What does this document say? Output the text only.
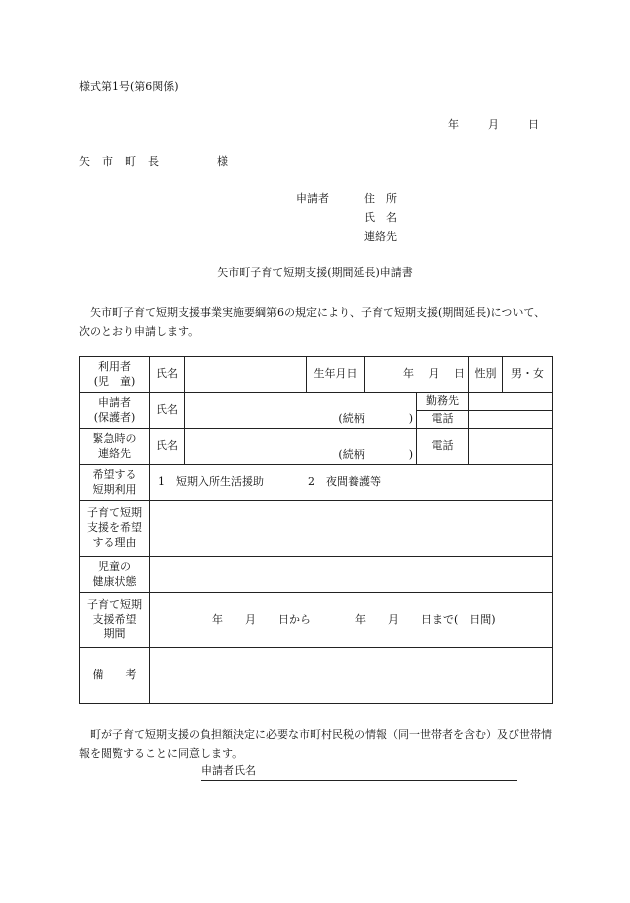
様式第1号(第6関係)
年	月	日
矢　市　町　長　　　　　様
申請者	住　所
氏　名
連絡先
矢市町子育て短期支援(期間延長)申請書
矢市町子育て短期支援事業実施要綱第6の規定により、子育て短期支援(期間延長)について、次のとおり申請します。
利用者
(児　童)	氏名		生年月日	年　 月　 日		性別	男・女

申請者
(保護者)	氏名	(続柄　　　　)			勤務先		
					電話		

緊急時の
連絡先	氏名	(続柄　　　　)			電話		

希望する
短期利用	1　短期入所生活援助　　　　2　夜間養護等						

子育て短期
支援を希望
する理由							

児童の
健康状態							

子育て短期
支援希望
期間	年　　月　　日から　　　　年　　月　　日まで(　日間)						
備　　考							
町が子育て短期支援の負担額決定に必要な市町村民税の情報（同一世帯者を含む）及び世帯情報を閲覧することに同意します。
申請者氏名
